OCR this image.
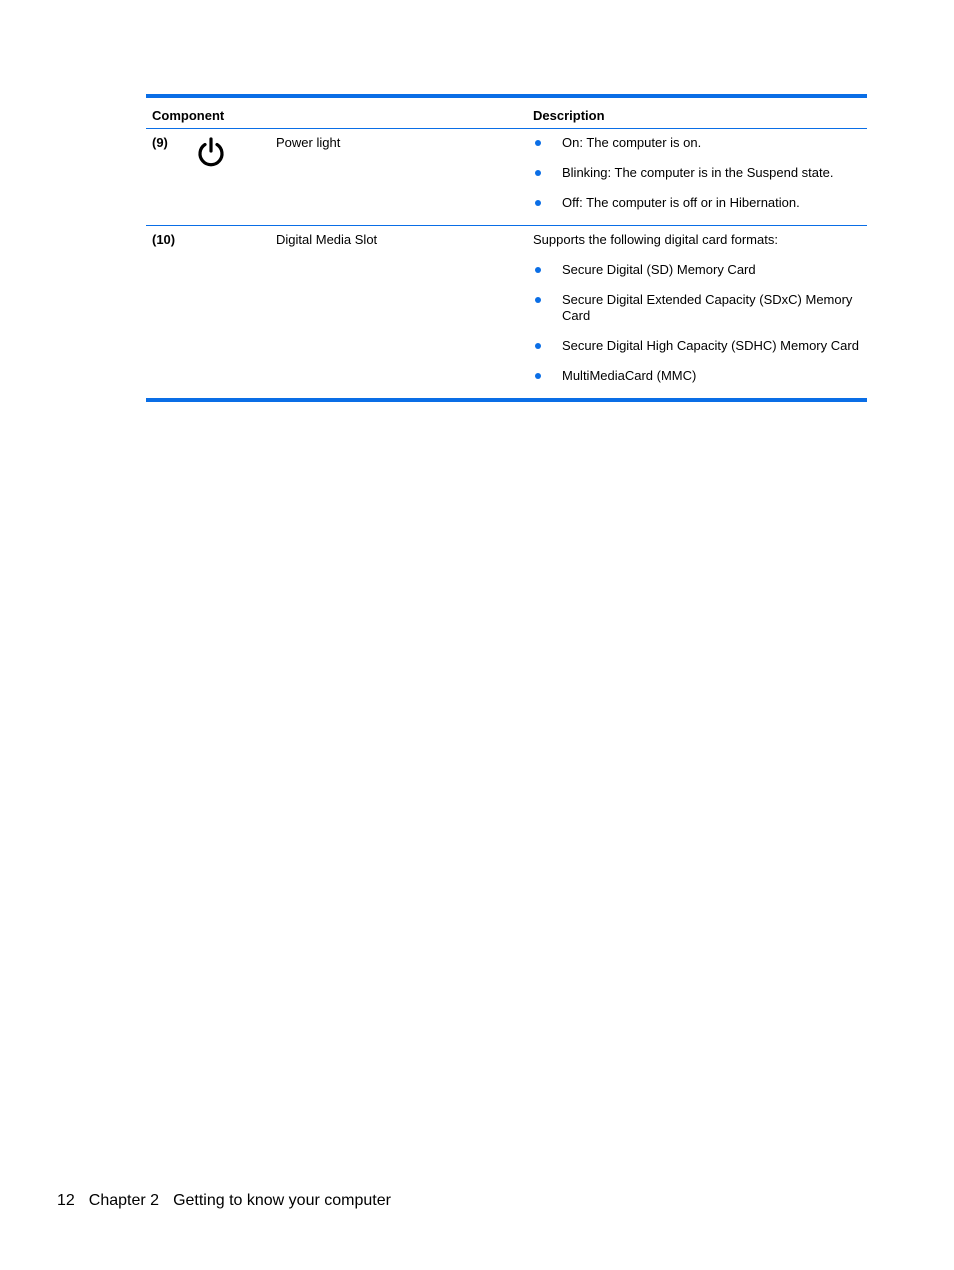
Component	Description
(9)	Power light	On: The computer is on.
Blinking: The computer is in the Suspend state.
Off: The computer is off or in Hibernation.
(10)	Digital Media Slot	Supports the following digital card formats:
Secure Digital (SD) Memory Card
Secure Digital Extended Capacity (SDxC) Memory Card
Secure Digital High Capacity (SDHC) Memory Card
MultiMediaCard (MMC)
12 Chapter 2 Getting to know your computer
